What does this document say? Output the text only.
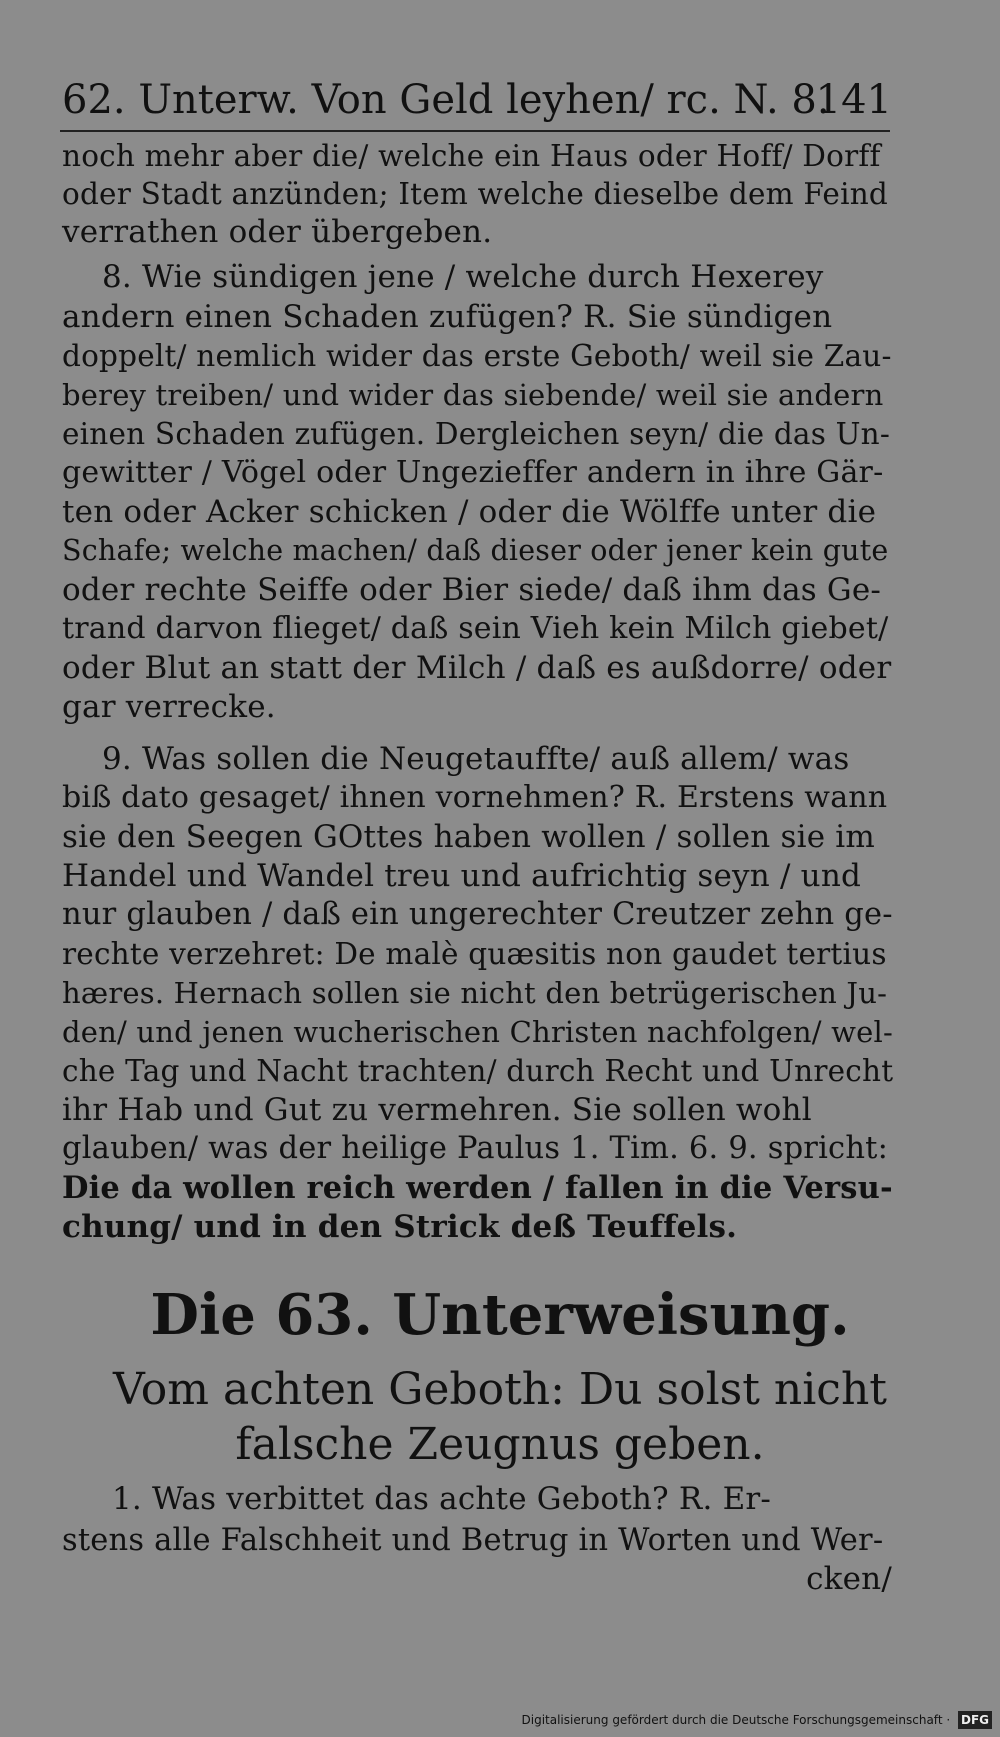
62. Unterw. Von Geld leyhen/ rc. N. 8.
141
noch mehr aber die/ welche ein Haus oder Hoff/ Dorff
oder Stadt anzünden; Item welche dieselbe dem Feind
verrathen oder übergeben.
8. Wie sündigen jene / welche durch Hexerey
andern einen Schaden zufügen? R. Sie sündigen
doppelt/ nemlich wider das erste Geboth/ weil sie Zau-
berey treiben/ und wider das siebende/ weil sie andern
einen Schaden zufügen. Dergleichen seyn/ die das Un-
gewitter / Vögel oder Ungezieffer andern in ihre Gär-
ten oder Acker schicken / oder die Wölffe unter die
Schafe; welche machen/ daß dieser oder jener kein gute
oder rechte Seiffe oder Bier siede/ daß ihm das Ge-
trand darvon flieget/ daß sein Vieh kein Milch giebet/
oder Blut an statt der Milch / daß es außdorre/ oder
gar verrecke.
9. Was sollen die Neugetauffte/ auß allem/ was
biß dato gesaget/ ihnen vornehmen? R. Erstens wann
sie den Seegen GOttes haben wollen / sollen sie im
Handel und Wandel treu und aufrichtig seyn / und
nur glauben / daß ein ungerechter Creutzer zehn ge-
rechte verzehret: De malè quæsitis non gaudet tertius
hæres. Hernach sollen sie nicht den betrügerischen Ju-
den/ und jenen wucherischen Christen nachfolgen/ wel-
che Tag und Nacht trachten/ durch Recht und Unrecht
ihr Hab und Gut zu vermehren. Sie sollen wohl
glauben/ was der heilige Paulus 1. Tim. 6. 9. spricht:
Die da wollen reich werden / fallen in die Versu-
chung/ und in den Strick deß Teuffels.
Die 63. Unterweisung.
Vom achten Geboth: Du solst nicht
falsche Zeugnus geben.
1. Was verbittet das achte Geboth? R. Er-
stens alle Falschheit und Betrug in Worten und Wer-
cken/
Digitalisierung gefördert durch die Deutsche Forschungsgemeinschaft · DFG
